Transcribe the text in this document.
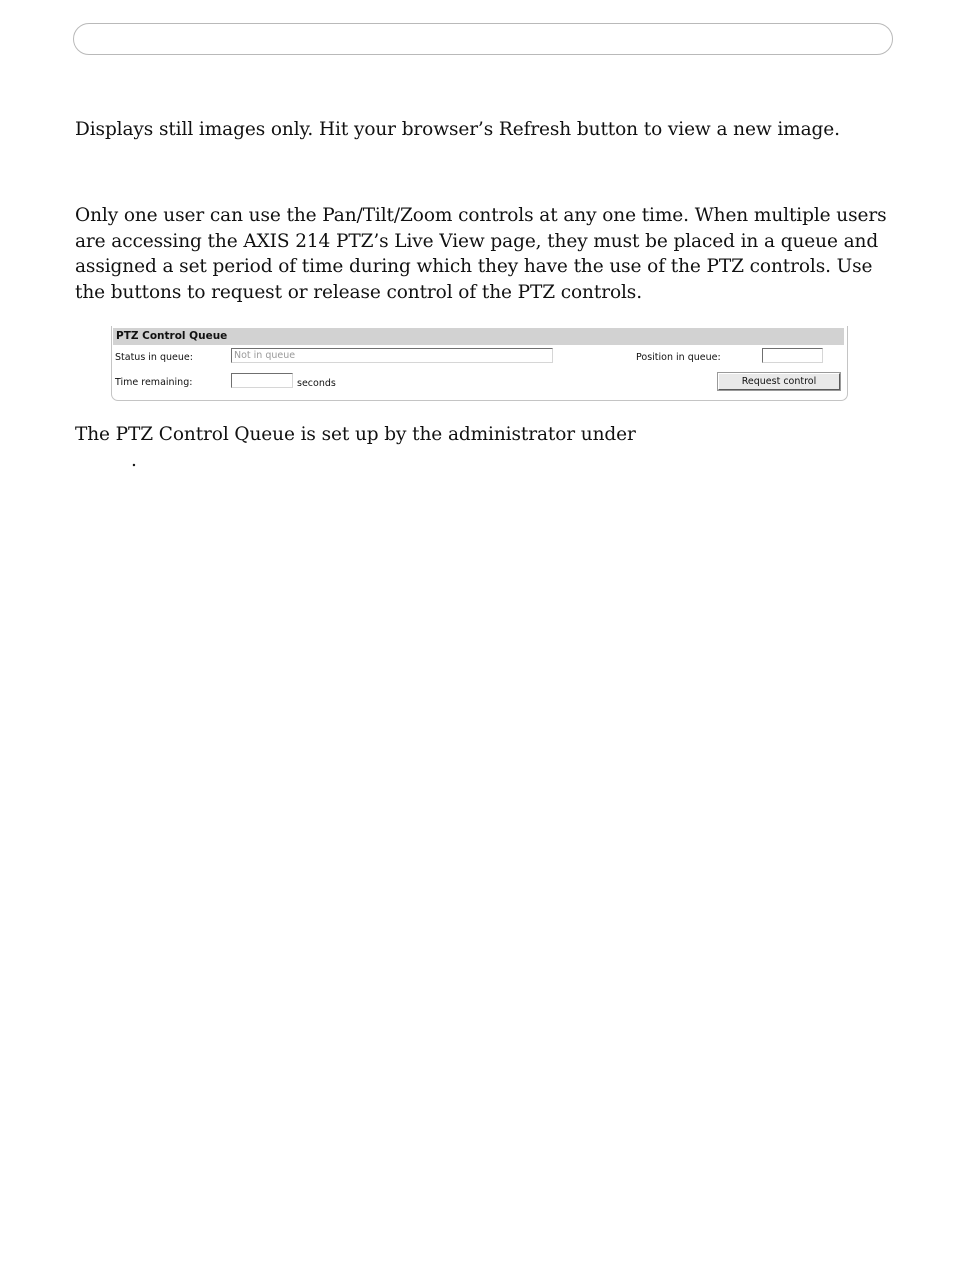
Displays still images only. Hit your browser’s Refresh button to view a new image.

Only one user can use the Pan/Tilt/Zoom controls at any one time. When multiple users are accessing the AXIS 214 PTZ’s Live View page, they must be placed in a queue and assigned a set period of time during which they have the use of the PTZ controls. Use the buttons to request or release control of the PTZ controls.

PTZ Control Queue
Status in queue:	Not in queue	Position in queue:
Time remaining:	seconds	Request control

The PTZ Control Queue is set up by the administrator under

.
